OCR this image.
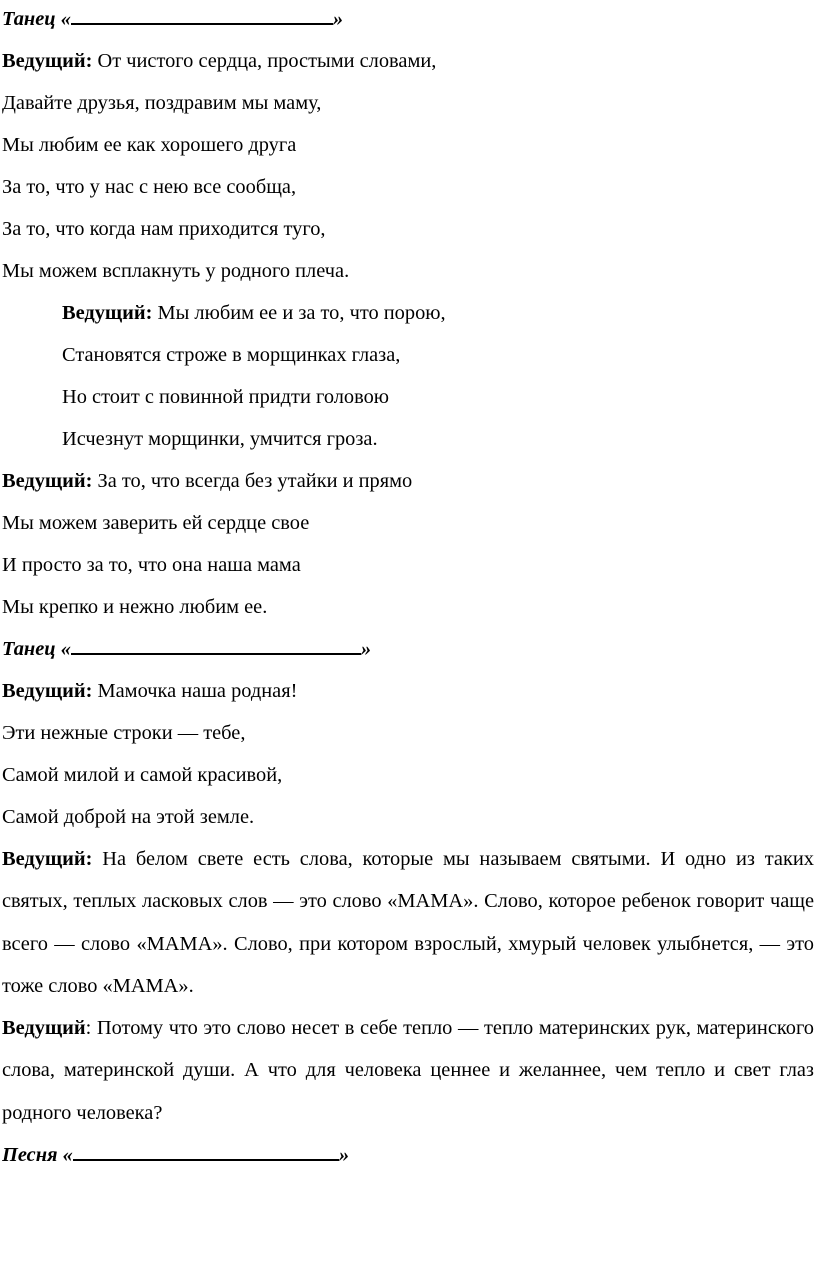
Танец «	»
Ведущий: От чистого сердца, простыми словами,
Давайте друзья, поздравим мы маму,
Мы любим ее как хорошего друга
За то, что у нас с нею все сообща,
За то, что когда нам приходится туго,
Мы можем всплакнуть у родного плеча.
Ведущий: Мы любим ее и за то, что порою,
Становятся строже в морщинках глаза,
Но стоит с повинной придти головою
Исчезнут морщинки, умчится гроза.
Ведущий: За то, что всегда без утайки и прямо
Мы можем заверить ей сердце свое
И просто за то, что она наша мама
Мы крепко и нежно любим ее.
Танец «	»
Ведущий: Мамочка наша родная!
Эти нежные строки — тебе,
Самой милой и самой красивой,
Самой доброй на этой земле.
Ведущий: На белом свете есть слова, которые мы называем святыми. И одно из таких святых, теплых ласковых слов — это слово «МАМА». Слово, которое ребенок говорит чаще всего — слово «МАМА». Слово, при котором взрослый, хмурый человек улыбнется, — это тоже слово «МАМА».
Ведущий: Потому что это слово несет в себе тепло — тепло материнских рук, материнского слова, материнской души. А что для человека ценнее и желаннее, чем тепло и свет глаз родного человека?
Песня «	»
